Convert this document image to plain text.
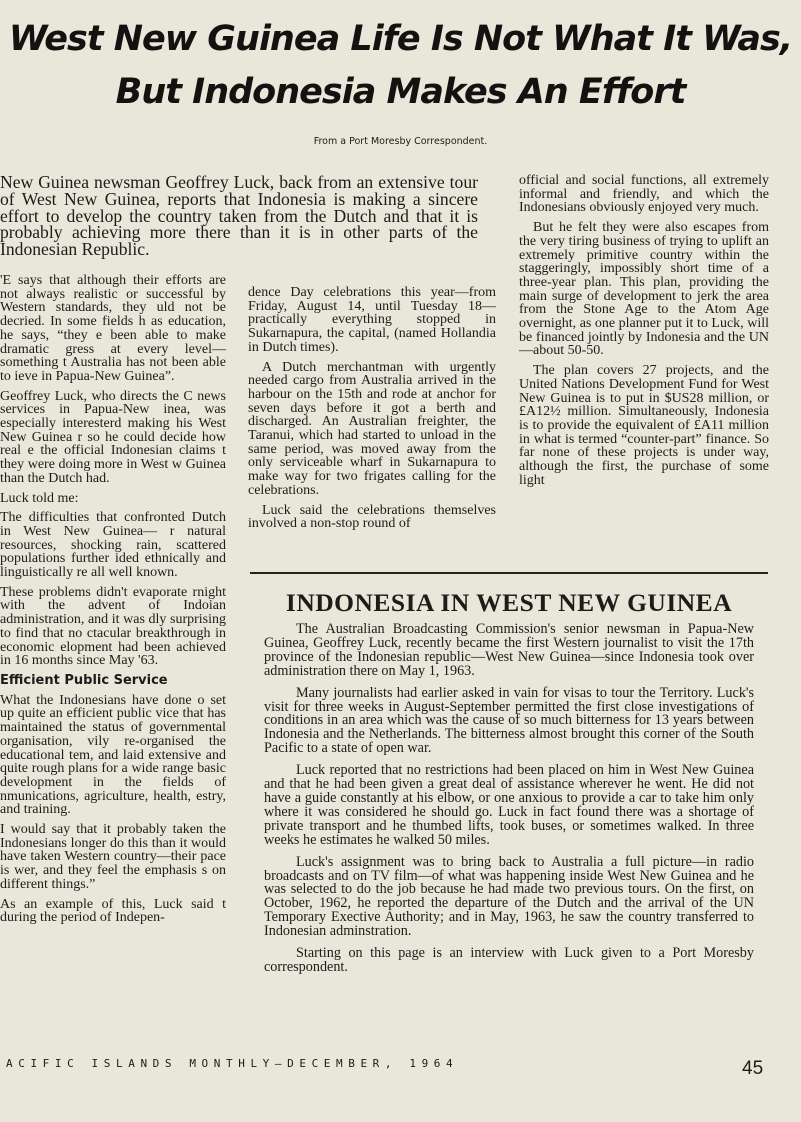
West New Guinea Life Is Not What It Was,
But Indonesia Makes An Effort

From a Port Moresby Correspondent.

New Guinea newsman Geoffrey Luck, back from an extensive tour of West New Guinea, reports that Indonesia is making a sincere effort to develop the country taken from the Dutch and that it is probably achieving more there than it is in other parts of the Indonesian Republic.

'E says that although their efforts are not always realistic or successful by Western standards, they uld not be decried. In some fields h as education, he says, “they e been able to make dramatic gress at every level—something t Australia has not been able to ieve in Papua-New Guinea”.

Geoffrey Luck, who directs the C news services in Papua-New inea, was especially interesterd making his West New Guinea r so he could decide how real e the official Indonesian claims t they were doing more in West w Guinea than the Dutch had.

Luck told me:

The difficulties that confronted Dutch in West New Guinea— r natural resources, shocking rain, scattered populations further ided ethnically and linguistically re all well known.

These problems didn't evaporate rnight with the advent of Indoian administration, and it was dly surprising to find that no ctacular breakthrough in economic elopment had been achieved in 16 months since May '63.

Efficient Public Service

What the Indonesians have done o set up quite an efficient public vice that has maintained the status of governmental organisation, vily re-organised the educational tem, and laid extensive and quite rough plans for a wide range basic development in the fields of nmunications, agriculture, health, estry, and training.

I would say that it probably taken the Indonesians longer do this than it would have taken Western country—their pace is wer, and they feel the emphasis s on different things.”

As an example of this, Luck said t during the period of Indepen-

dence Day celebrations this year—from Friday, August 14, until Tuesday 18—practically everything stopped in Sukarnapura, the capital, (named Hollandia in Dutch times).

A Dutch merchantman with urgently needed cargo from Australia arrived in the harbour on the 15th and rode at anchor for seven days before it got a berth and discharged. An Australian freighter, the Taranui, which had started to unload in the same period, was moved away from the only serviceable wharf in Sukarnapura to make way for two frigates calling for the celebrations.

Luck said the celebrations themselves involved a non-stop round of

official and social functions, all extremely informal and friendly, and which the Indonesians obviously enjoyed very much.

But he felt they were also escapes from the very tiring business of trying to uplift an extremely primitive country within the staggeringly, impossibly short time of a three-year plan. This plan, providing the main surge of development to jerk the area from the Stone Age to the Atom Age overnight, as one planner put it to Luck, will be financed jointly by Indonesia and the UN—about 50-50.

The plan covers 27 projects, and the United Nations Development Fund for West New Guinea is to put in $US28 million, or £A12½ million. Simultaneously, Indonesia is to provide the equivalent of £A11 million in what is termed “counter-part” finance. So far none of these projects is under way, although the first, the purchase of some light

INDONESIA IN WEST NEW GUINEA

The Australian Broadcasting Commission's senior newsman in Papua-New Guinea, Geoffrey Luck, recently became the first Western journalist to visit the 17th province of the Indonesian republic—West New Guinea—since Indonesia took over administration there on May 1, 1963.

Many journalists had earlier asked in vain for visas to tour the Territory. Luck's visit for three weeks in August-September permitted the first close investigations of conditions in an area which was the cause of so much bitterness for 13 years between Indonesia and the Netherlands. The bitterness almost brought this corner of the South Pacific to a state of open war.

Luck reported that no restrictions had been placed on him in West New Guinea and that he had been given a great deal of assistance wherever he went. He did not have a guide constantly at his elbow, or one anxious to provide a car to take him only where it was considered he should go. Luck in fact found there was a shortage of private transport and he thumbed lifts, took buses, or sometimes walked. In three weeks he estimates he walked 50 miles.

Luck's assignment was to bring back to Australia a full picture—in radio broadcasts and on TV film—of what was happening inside West New Guinea and he was selected to do the job because he had made two previous tours. On the first, on October, 1962, he reported the departure of the Dutch and the arrival of the UN Temporary Exective Authority; and in May, 1963, he saw the country transferred to Indonesian adminstration.

Starting on this page is an interview with Luck given to a Port Moresby correspondent.

ACIFIC ISLANDS MONTHLY—DECEMBER, 1964	45
